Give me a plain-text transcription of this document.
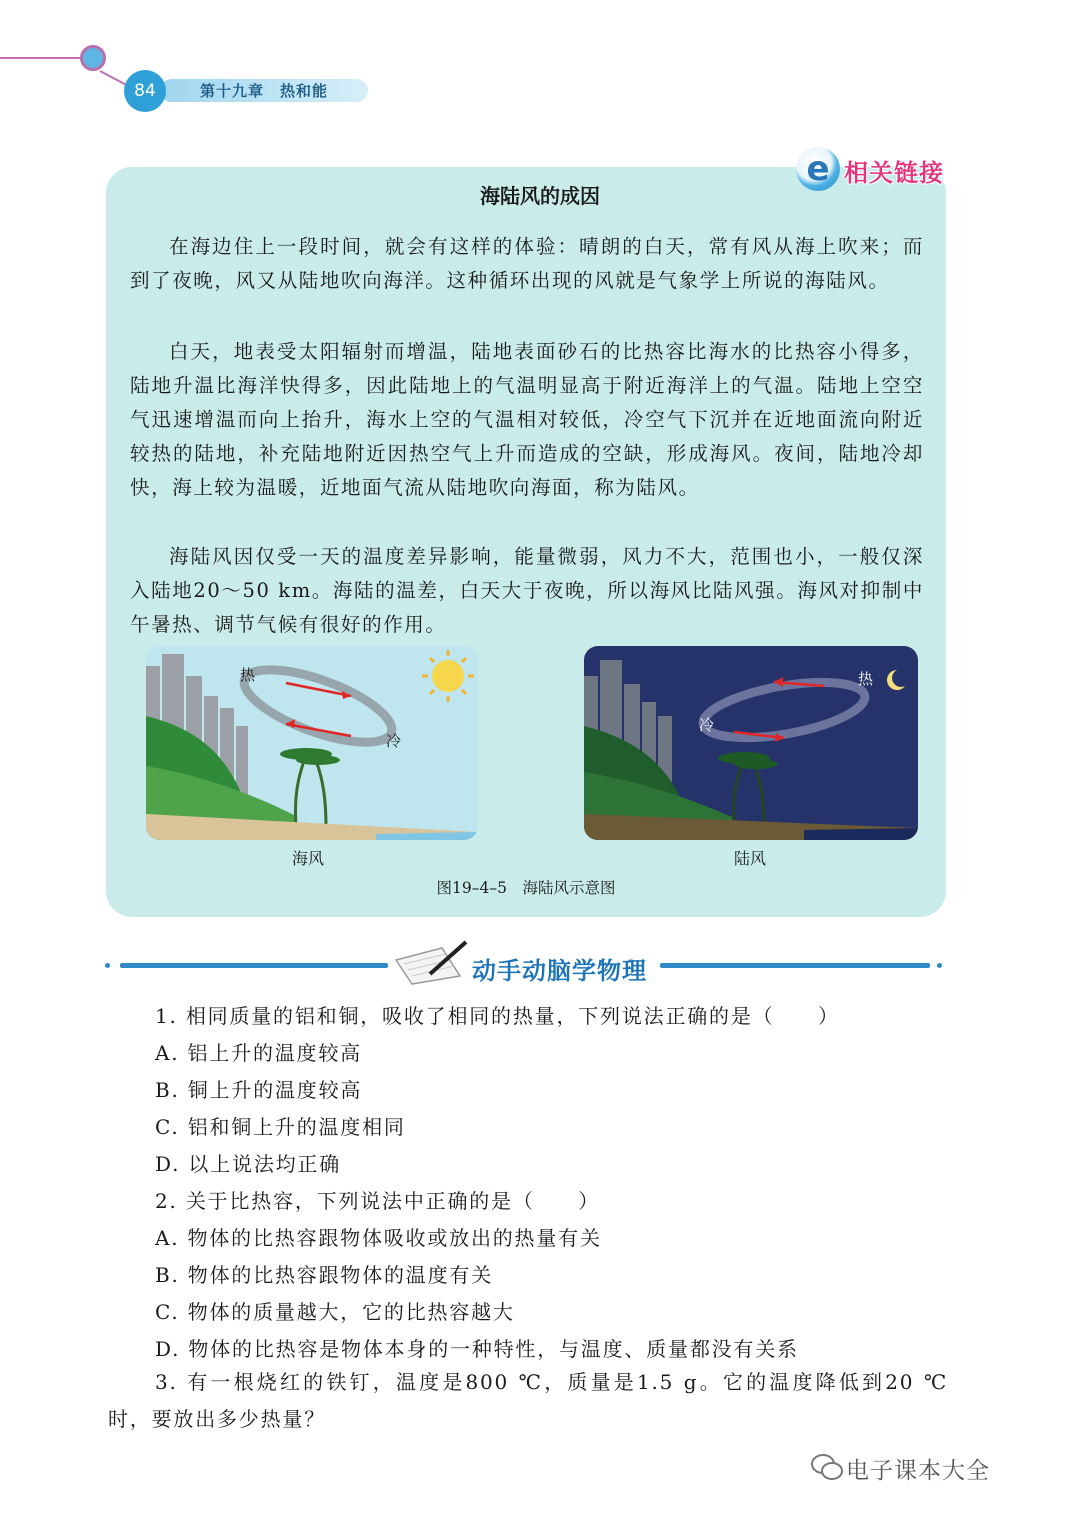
84	第十九章　热和能
e 相关链接
海陆风的成因
在海边住上一段时间，就会有这样的体验：晴朗的白天，常有风从海上吹来；而到了夜晚，风又从陆地吹向海洋。这种循环出现的风就是气象学上所说的海陆风。
白天，地表受太阳辐射而增温，陆地表面砂石的比热容比海水的比热容小得多，陆地升温比海洋快得多，因此陆地上的气温明显高于附近海洋上的气温。陆地上空空气迅速增温而向上抬升，海水上空的气温相对较低，冷空气下沉并在近地面流向附近较热的陆地，补充陆地附近因热空气上升而造成的空缺，形成海风。夜间，陆地冷却快，海上较为温暖，近地面气流从陆地吹向海面，称为陆风。
海陆风因仅受一天的温度差异影响，能量微弱，风力不大，范围也小，一般仅深入陆地20～50 km。海陆的温差，白天大于夜晚，所以海风比陆风强。海风对抑制中午暑热、调节气候有很好的作用。
热
冷
海风
热
冷
陆风
图19–4–5　海陆风示意图
动手动脑学物理
1. 相同质量的铝和铜，吸收了相同的热量，下列说法正确的是（　　）
A. 铝上升的温度较高
B. 铜上升的温度较高
C. 铝和铜上升的温度相同
D. 以上说法均正确
2. 关于比热容，下列说法中正确的是（　　）
A. 物体的比热容跟物体吸收或放出的热量有关
B. 物体的比热容跟物体的温度有关
C. 物体的质量越大，它的比热容越大
D. 物体的比热容是物体本身的一种特性，与温度、质量都没有关系
3. 有一根烧红的铁钉，温度是800 ℃，质量是1.5 g。它的温度降低到20 ℃时，要放出多少热量？
电子课本大全
